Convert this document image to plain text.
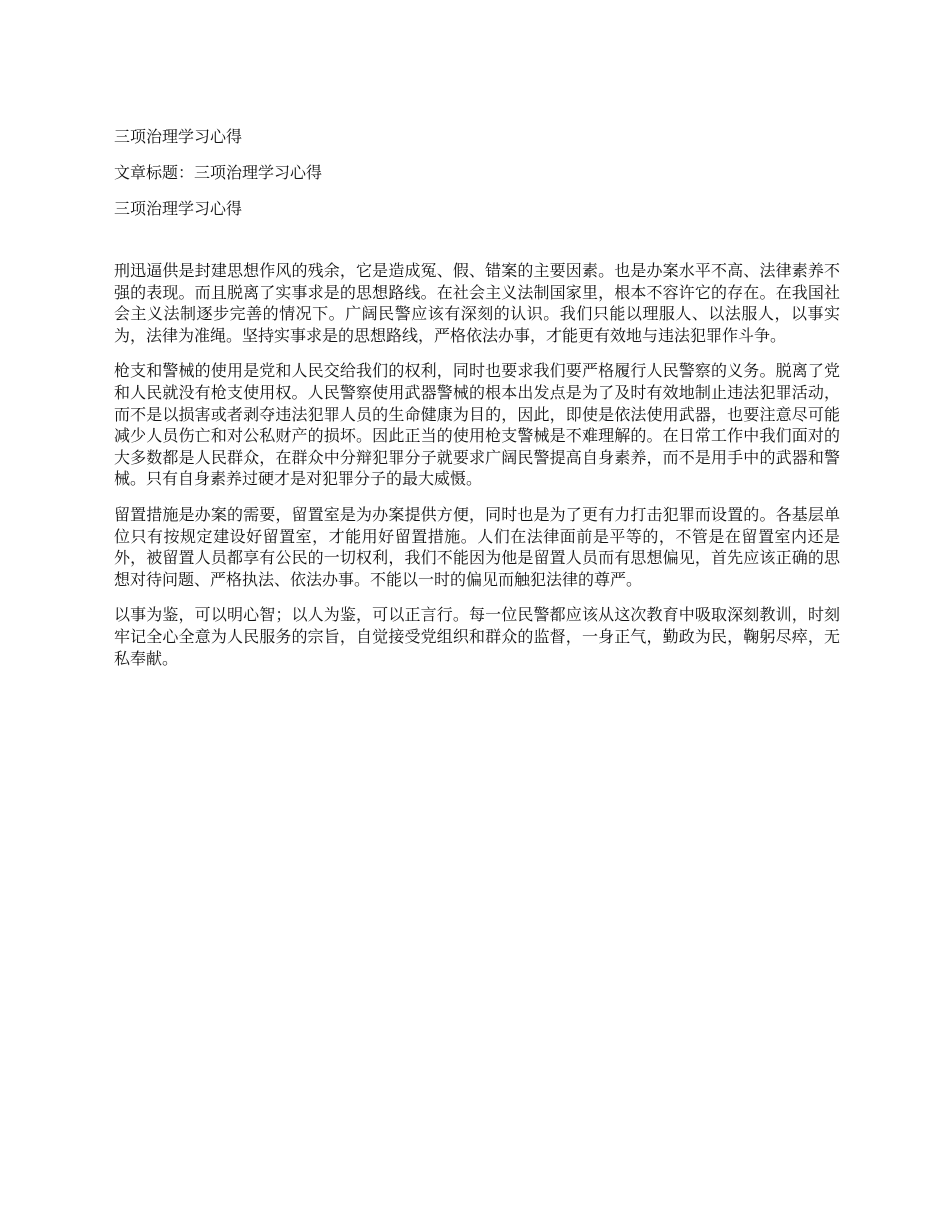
三项治理学习心得
文章标题：三项治理学习心得
三项治理学习心得

刑迅逼供是封建思想作风的残余，它是造成冤、假、错案的主要因素。也是办案水平不高、法律素养不强的表现。而且脱离了实事求是的思想路线。在社会主义法制国家里，根本不容许它的存在。在我国社会主义法制逐步完善的情况下。广阔民警应该有深刻的认识。我们只能以理服人、以法服人，以事实为，法律为准绳。坚持实事求是的思想路线，严格依法办事，才能更有效地与违法犯罪作斗争。

枪支和警械的使用是党和人民交给我们的权利，同时也要求我们要严格履行人民警察的义务。脱离了党和人民就没有枪支使用权。人民警察使用武器警械的根本出发点是为了及时有效地制止违法犯罪活动，而不是以损害或者剥夺违法犯罪人员的生命健康为目的，因此，即使是依法使用武器，也要注意尽可能减少人员伤亡和对公私财产的损坏。因此正当的使用枪支警械是不难理解的。在日常工作中我们面对的大多数都是人民群众，在群众中分辩犯罪分子就要求广阔民警提高自身素养，而不是用手中的武器和警械。只有自身素养过硬才是对犯罪分子的最大威慑。

留置措施是办案的需要，留置室是为办案提供方便，同时也是为了更有力打击犯罪而设置的。各基层单位只有按规定建设好留置室，才能用好留置措施。人们在法律面前是平等的，不管是在留置室内还是外，被留置人员都享有公民的一切权利，我们不能因为他是留置人员而有思想偏见，首先应该正确的思想对待问题、严格执法、依法办事。不能以一时的偏见而触犯法律的尊严。

以事为鉴，可以明心智；以人为鉴，可以正言行。每一位民警都应该从这次教育中吸取深刻教训，时刻牢记全心全意为人民服务的宗旨，自觉接受党组织和群众的监督，一身正气，勤政为民，鞠躬尽瘁，无私奉献。
